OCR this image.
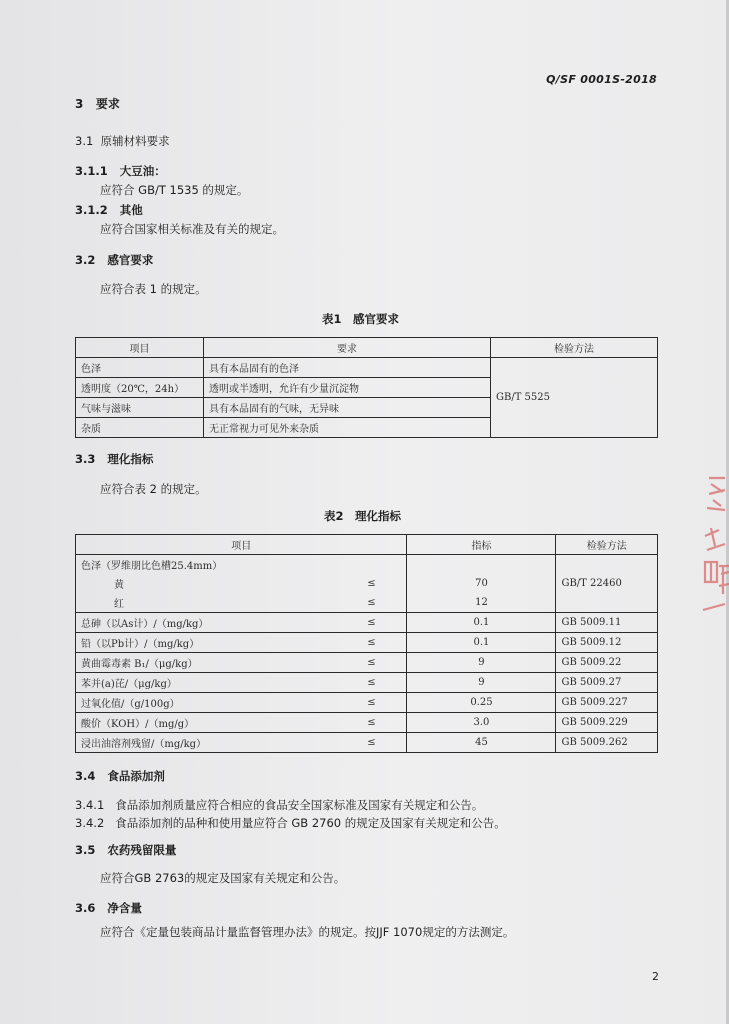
Q/SF 0001S-2018
3 要求
3.1 原辅材料要求
3.1.1 大豆油：
应符合 GB/T 1535 的规定。
3.1.2 其他
应符合国家相关标准及有关的规定。
3.2 感官要求
应符合表 1 的规定。
表1　感官要求
项目	要求	检验方法
色泽	具有本品固有的色泽	GB/T 5525
透明度（20℃，24h）	透明或半透明，允许有少量沉淀物	
气味与滋味	具有本品固有的气味，无异味	
杂质	无正常视力可见外来杂质	
3.3 理化指标
应符合表 2 的规定。
表2　理化指标
项目		指标	检验方法
色泽（罗维朋比色槽25.4mm）			
黄	≤	70	GB/T 22460
红	≤	12	
总砷（以As计）/（mg/kg）	≤	0.1	GB 5009.11
铅（以Pb计）/（mg/kg）	≤	0.1	GB 5009.12
黄曲霉毒素 B₁/（μg/kg）	≤	9	GB 5009.22
苯并(a)芘/（μg/kg）	≤	9	GB 5009.27
过氧化值/（g/100g）	≤	0.25	GB 5009.227
酸价（KOH）/（mg/g）	≤	3.0	GB 5009.229
浸出油溶剂残留/（mg/kg）	≤	45	GB 5009.262
3.4 食品添加剂
3.4.1 食品添加剂质量应符合相应的食品安全国家标准及国家有关规定和公告。
3.4.2 食品添加剂的品种和使用量应符合 GB 2760 的规定及国家有关规定和公告。
3.5 农药残留限量
应符合GB 2763的规定及国家有关规定和公告。
3.6 净含量
应符合《定量包装商品计量监督管理办法》的规定。按JJF 1070规定的方法测定。
2
